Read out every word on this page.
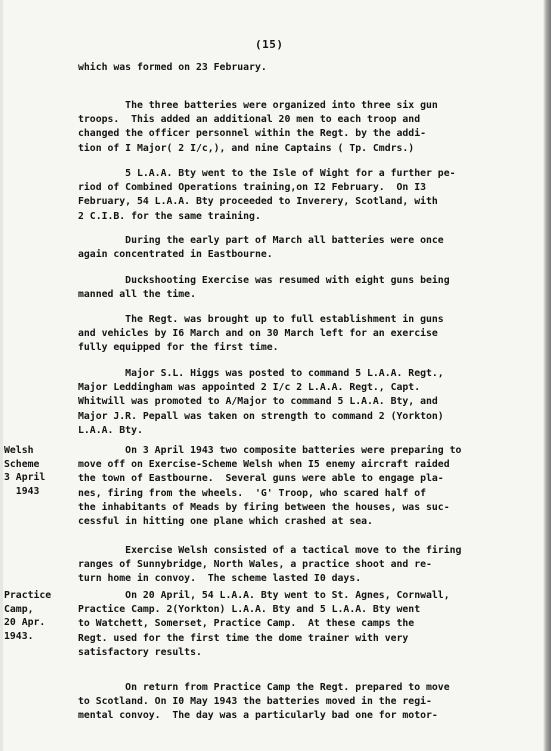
(15)

which was formed on 23 February.

The three batteries were organized into three six gun
troops.  This added an additional 20 men to each troop and
changed the officer personnel within the Regt. by the addi-
tion of I Major( 2 I/c,), and nine Captains ( Tp. Cmdrs.)

5 L.A.A. Bty went to the Isle of Wight for a further pe-
riod of Combined Operations training,on I2 February.  On I3
February, 54 L.A.A. Bty proceeded to Inverery, Scotland, with
2 C.I.B. for the same training.

During the early part of March all batteries were once
again concentrated in Eastbourne.

Duckshooting Exercise was resumed with eight guns being
manned all the time.

The Regt. was brought up to full establishment in guns
and vehicles by I6 March and on 30 March left for an exercise
fully equipped for the first time.

Major S.L. Higgs was posted to command 5 L.A.A. Regt.,
Major Leddingham was appointed 2 I/c 2 L.A.A. Regt., Capt.
Whitwill was promoted to A/Major to command 5 L.A.A. Bty, and
Major J.R. Pepall was taken on strength to command 2 (Yorkton)
L.A.A. Bty.

Welsh
Scheme
3 April
1943

On 3 April 1943 two composite batteries were preparing to
move off on Exercise-Scheme Welsh when I5 enemy aircraft raided
the town of Eastbourne.  Several guns were able to engage pla-
nes, firing from the wheels.  'G' Troop, who scared half of
the inhabitants of Meads by firing between the houses, was suc-
cessful in hitting one plane which crashed at sea.

Exercise Welsh consisted of a tactical move to the firing
ranges of Sunnybridge, North Wales, a practice shoot and re-
turn home in convoy.  The scheme lasted I0 days.

Practice
Camp,
20 Apr.
1943.

On 20 April, 54 L.A.A. Bty went to St. Agnes, Cornwall,
Practice Camp. 2(Yorkton) L.A.A. Bty and 5 L.A.A. Bty went
to Watchett, Somerset, Practice Camp.  At these camps the
Regt. used for the first time the dome trainer with very
satisfactory results.

On return from Practice Camp the Regt. prepared to move
to Scotland. On I0 May 1943 the batteries moved in the regi-
mental convoy.  The day was a particularly bad one for motor-
